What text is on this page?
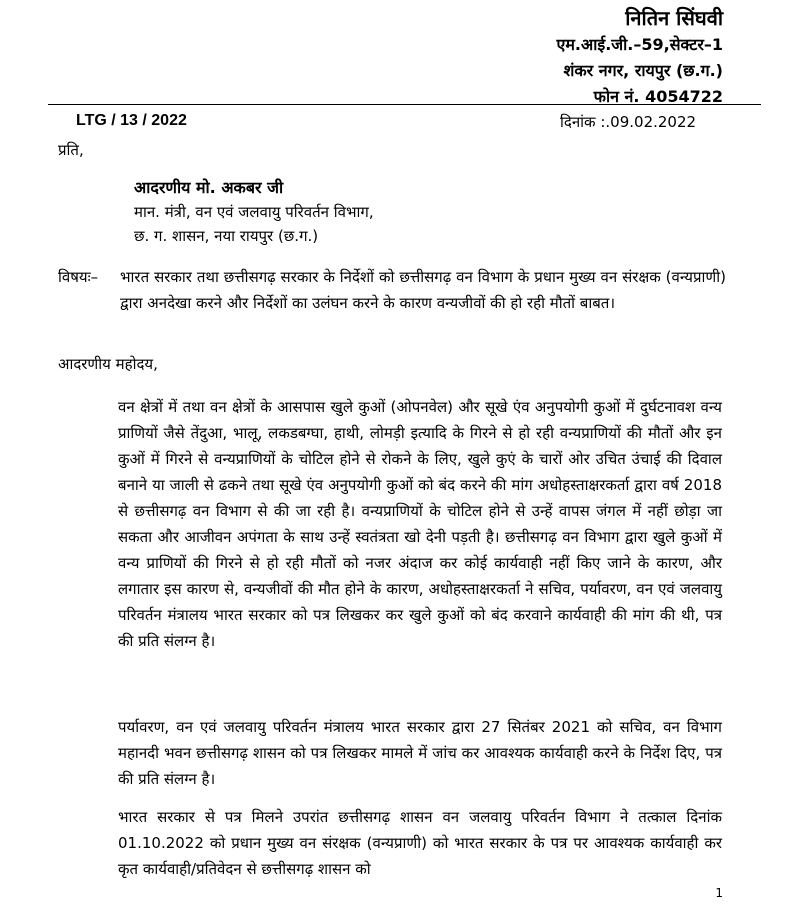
नितिन सिंघवी
एम.आई.जी.–59,सेक्टर–1
शंकर नगर, रायपुर (छ.ग.)
फोन नं. 4054722
LTG / 13 / 2022	दिनांक :.09.02.2022
प्रति,
आदरणीय मो. अकबर जी
मान. मंत्री, वन एवं जलवायु परिवर्तन विभाग,
छ. ग. शासन, नया रायपुर (छ.ग.)
विषयः–	भारत सरकार तथा छत्तीसगढ़ सरकार के निर्देशों को छत्तीसगढ़ वन विभाग के प्रधान मुख्य वन संरक्षक (वन्यप्राणी) द्वारा अनदेखा करने और निर्देशों का उलंघन करने के कारण वन्यजीवों की हो रही मौतों बाबत।
आदरणीय महोदय,

वन क्षेत्रों में तथा वन क्षेत्रों के आसपास खुले कुओं (ओपनवेल) और सूखे एंव अनुपयोगी कुओं में दुर्घटनावश वन्य प्राणियों जैसे तेंदुआ, भालू, लकडबग्घा, हाथी, लोमड़ी इत्यादि के गिरने से हो रही वन्यप्राणियों की मौतों और इन कुओं में गिरने से वन्यप्राणियों के चोटिल होने से रोकने के लिए, खुले कुएं के चारों ओर उचित उंचाई की दिवाल बनाने या जाली से ढकने तथा सूखे एंव अनुपयोगी कुओं को बंद करने की मांग अधोहस्ताक्षरकर्ता द्वारा वर्ष 2018 से छत्तीसगढ़ वन विभाग से की जा रही है। वन्यप्राणियों के चोटिल होने से उन्हें वापस जंगल में नहीं छोड़ा जा सकता और आजीवन अपंगता के साथ उन्हें स्वतंत्रता खो देनी पड़ती है। छत्तीसगढ़ वन विभाग द्वारा खुले कुओं में वन्य प्राणियों की गिरने से हो रही मौतों को नजर अंदाज कर कोई कार्यवाही नहीं किए जाने के कारण, और लगातार इस कारण से, वन्यजीवों की मौत होने के कारण, अधोहस्ताक्षरकर्ता ने सचिव, पर्यावरण, वन एवं जलवायु परिवर्तन मंत्रालय भारत सरकार को पत्र लिखकर कर खुले कुओं को बंद करवाने कार्यवाही की मांग की थी, पत्र की प्रति संलग्न है।

पर्यावरण, वन एवं जलवायु परिवर्तन मंत्रालय भारत सरकार द्वारा 27 सितंबर 2021 को सचिव, वन विभाग महानदी भवन छत्तीसगढ़ शासन को पत्र लिखकर मामले में जांच कर आवश्यक कार्यवाही करने के निर्देश दिए, पत्र की प्रति संलग्न है।

भारत सरकार से पत्र मिलने उपरांत छत्तीसगढ़ शासन वन जलवायु परिवर्तन विभाग ने तत्काल दिनांक 01.10.2022 को प्रधान मुख्य वन संरक्षक (वन्यप्राणी) को भारत सरकार के पत्र पर आवश्यक कार्यवाही कर कृत कार्यवाही/प्रतिवेदन से छत्तीसगढ़ शासन को

1
